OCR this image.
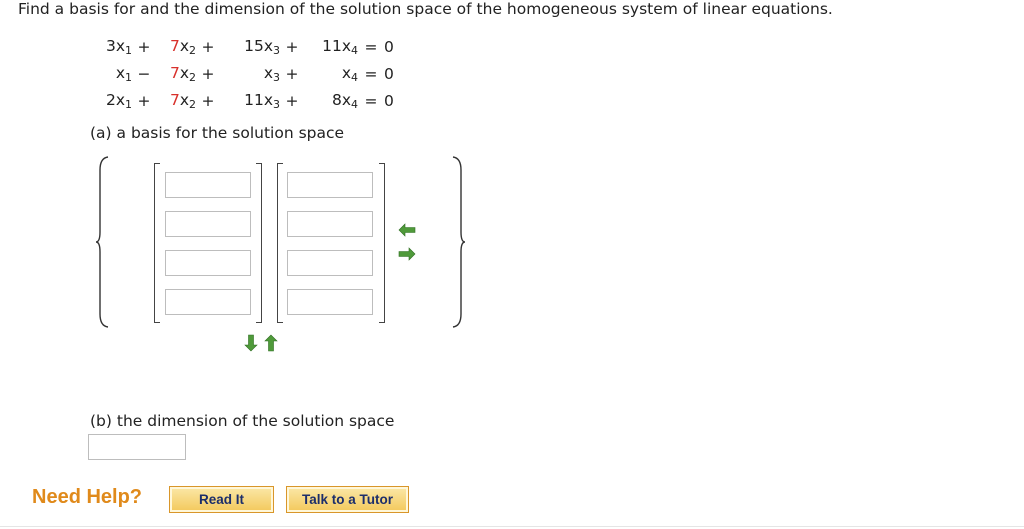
Find a basis for and the dimension of the solution space of the homogeneous system of linear equations.
$3x_1$	+	$7x_2$	+	$15x_3$	+	$11x_4$	=	0
$x_1$	−	$7x_2$	+	$x_3$	+	$x_4$	=	0
$2x_1$	+	$7x_2$	+	$11x_3$	+	$8x_4$	=	0
(a) a basis for the solution space
(b) the dimension of the solution space
Need Help?	Read It	Talk to a Tutor
